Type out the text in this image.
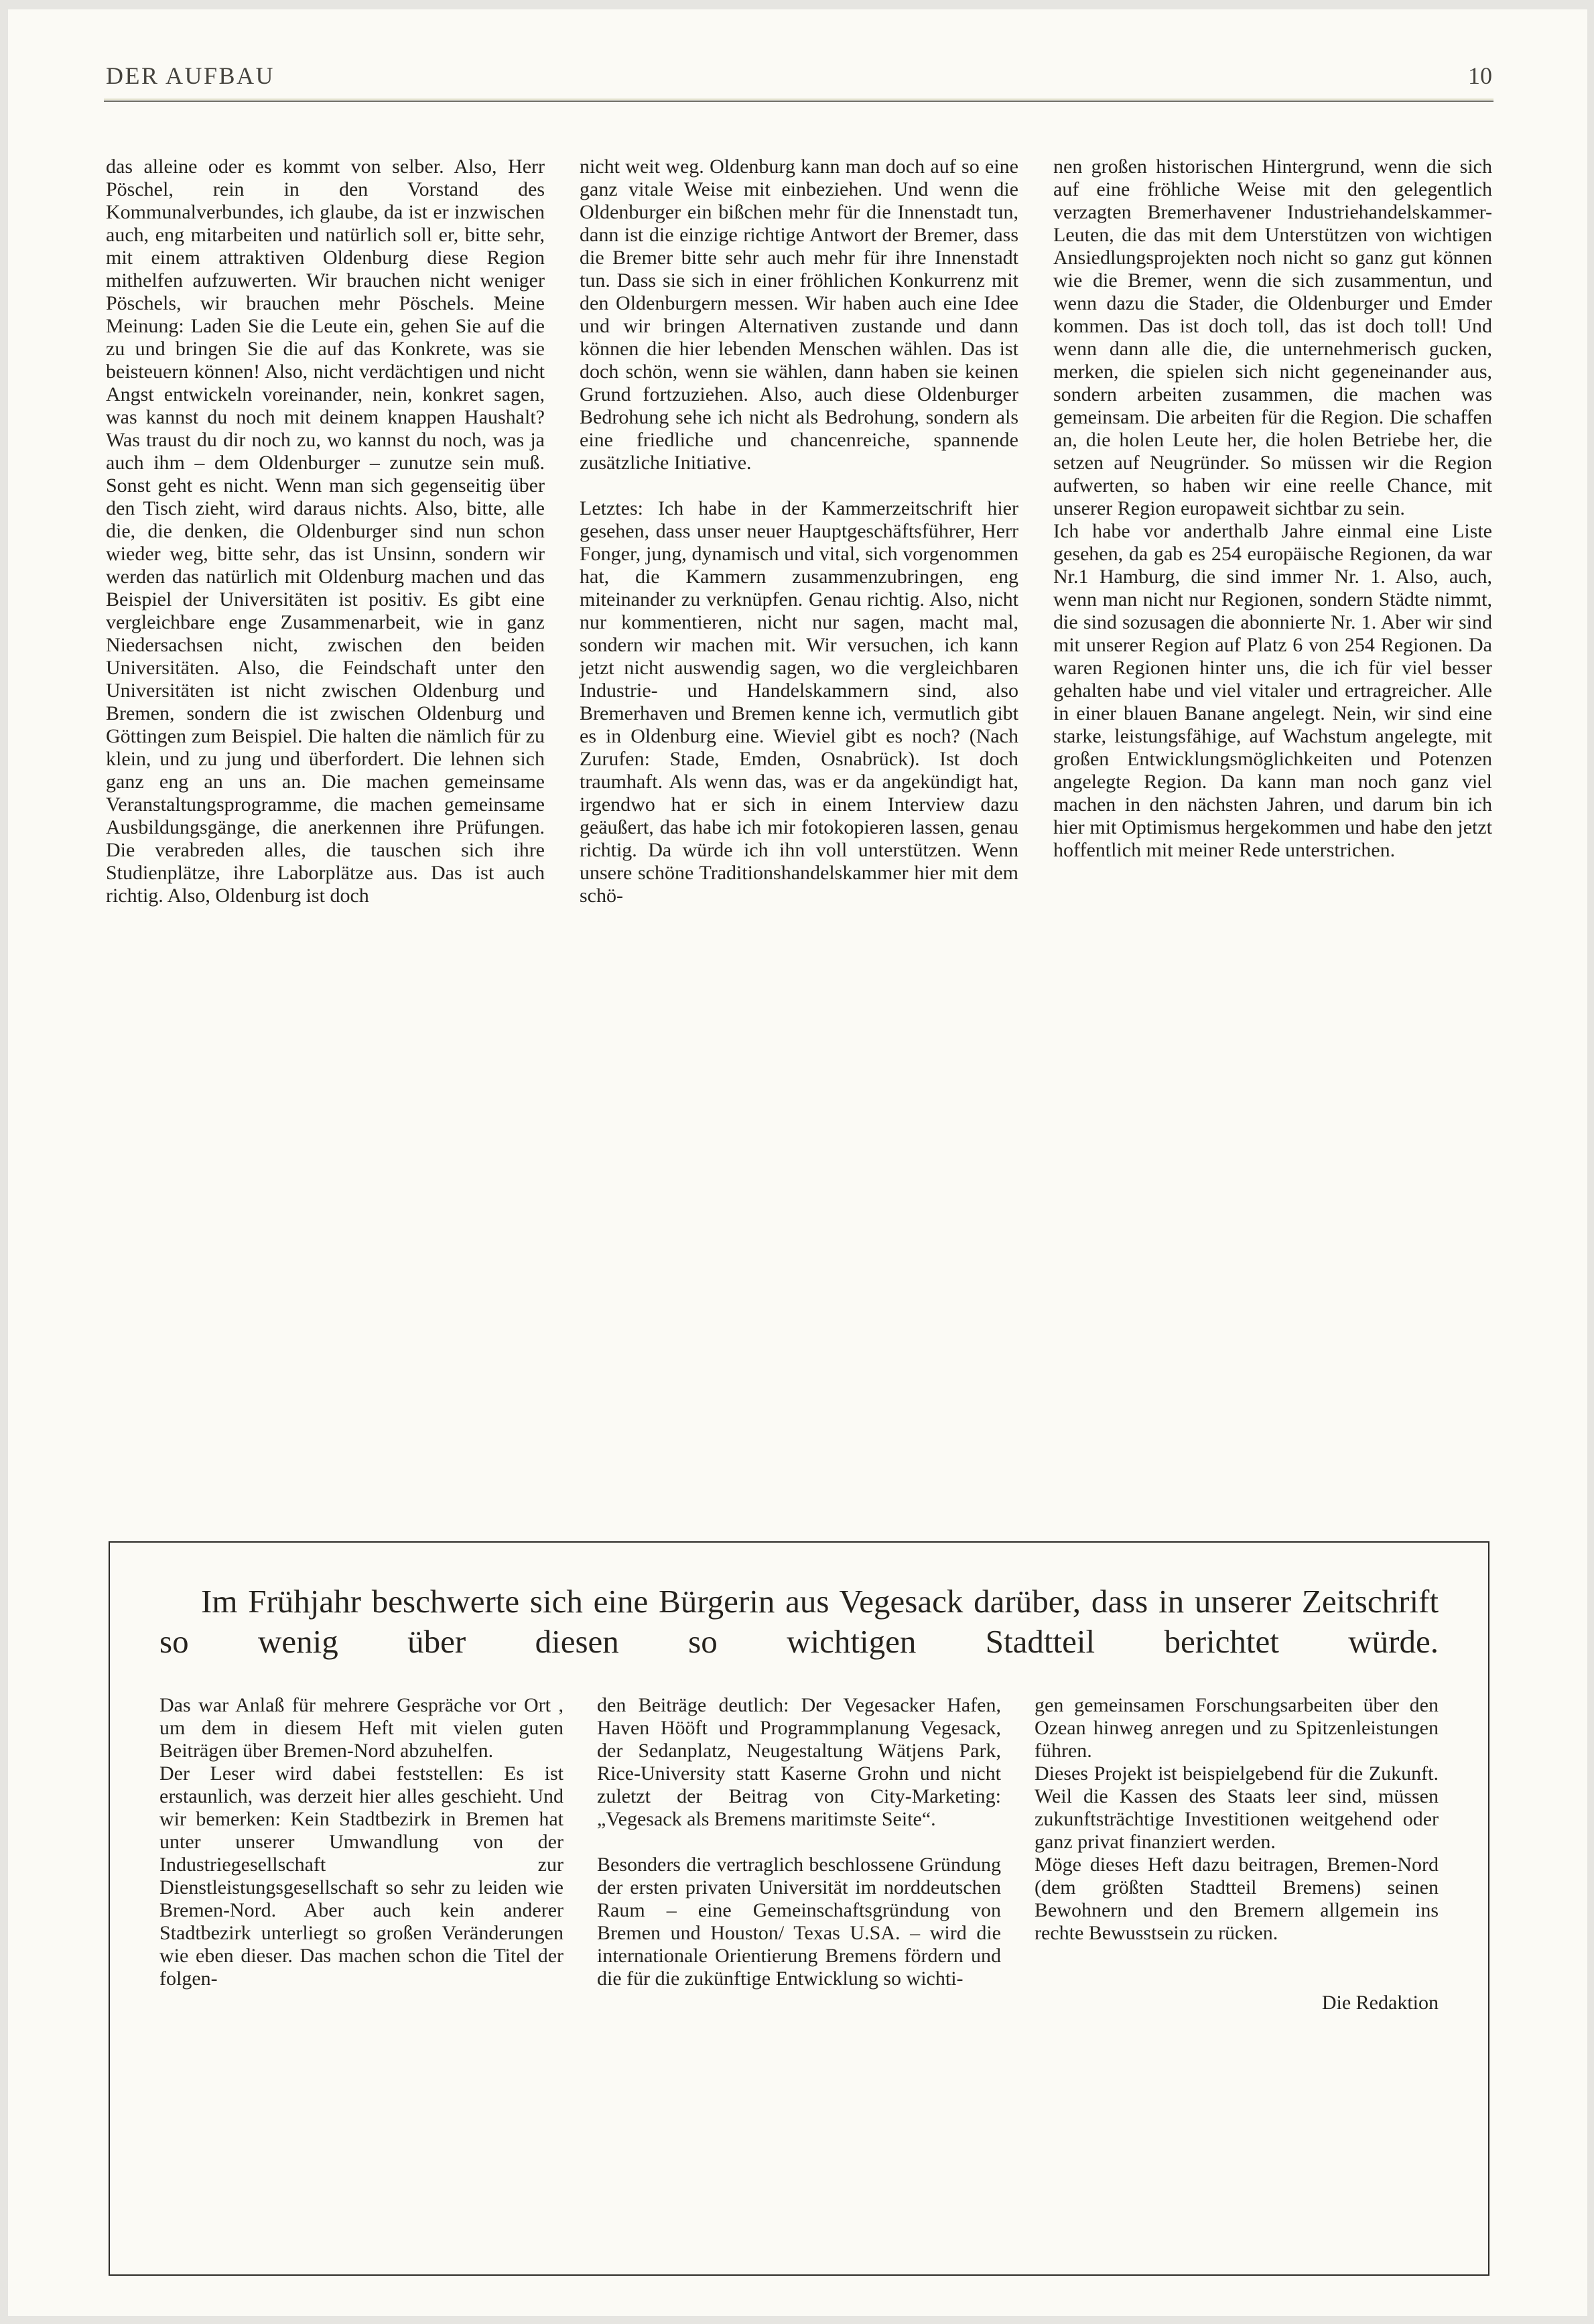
DER AUFBAU	10

das alleine oder es kommt von selber. Also, Herr Pöschel, rein in den Vorstand des Kommunalverbundes, ich glaube, da ist er inzwischen auch, eng mitarbeiten und natürlich soll er, bitte sehr, mit einem attraktiven Oldenburg diese Region mithelfen aufzuwerten. Wir brauchen nicht weniger Pöschels, wir brauchen mehr Pöschels. Meine Meinung: Laden Sie die Leute ein, gehen Sie auf die zu und bringen Sie die auf das Konkrete, was sie beisteuern können! Also, nicht verdächtigen und nicht Angst entwickeln voreinander, nein, konkret sagen, was kannst du noch mit deinem knappen Haushalt? Was traust du dir noch zu, wo kannst du noch, was ja auch ihm – dem Oldenburger – zunutze sein muß. Sonst geht es nicht. Wenn man sich gegenseitig über den Tisch zieht, wird daraus nichts. Also, bitte, alle die, die denken, die Oldenburger sind nun schon wieder weg, bitte sehr, das ist Unsinn, sondern wir werden das natürlich mit Oldenburg machen und das Beispiel der Universitäten ist positiv. Es gibt eine vergleichbare enge Zusammenarbeit, wie in ganz Niedersachsen nicht, zwischen den beiden Universitäten. Also, die Feindschaft unter den Universitäten ist nicht zwischen Oldenburg und Bremen, sondern die ist zwischen Oldenburg und Göttingen zum Beispiel. Die halten die nämlich für zu klein, und zu jung und überfordert. Die lehnen sich ganz eng an uns an. Die machen gemeinsame Veranstaltungsprogramme, die machen gemeinsame Ausbildungsgänge, die anerkennen ihre Prüfungen. Die verabreden alles, die tauschen sich ihre Studienplätze, ihre Laborplätze aus. Das ist auch richtig. Also, Oldenburg ist doch

nicht weit weg. Oldenburg kann man doch auf so eine ganz vitale Weise mit einbeziehen. Und wenn die Oldenburger ein bißchen mehr für die Innenstadt tun, dann ist die einzige richtige Antwort der Bremer, dass die Bremer bitte sehr auch mehr für ihre Innenstadt tun. Dass sie sich in einer fröhlichen Konkurrenz mit den Oldenburgern messen. Wir haben auch eine Idee und wir bringen Alternativen zustande und dann können die hier lebenden Menschen wählen. Das ist doch schön, wenn sie wählen, dann haben sie keinen Grund fortzuziehen. Also, auch diese Oldenburger Bedrohung sehe ich nicht als Bedrohung, sondern als eine friedliche und chancenreiche, spannende zusätzliche Initiative.

Letztes: Ich habe in der Kammerzeitschrift hier gesehen, dass unser neuer Hauptgeschäftsführer, Herr Fonger, jung, dynamisch und vital, sich vorgenommen hat, die Kammern zusammenzubringen, eng miteinander zu verknüpfen. Genau richtig. Also, nicht nur kommentieren, nicht nur sagen, macht mal, sondern wir machen mit. Wir versuchen, ich kann jetzt nicht auswendig sagen, wo die vergleichbaren Industrie- und Handelskammern sind, also Bremerhaven und Bremen kenne ich, vermutlich gibt es in Oldenburg eine. Wieviel gibt es noch? (Nach Zurufen: Stade, Emden, Osnabrück). Ist doch traumhaft. Als wenn das, was er da angekündigt hat, irgendwo hat er sich in einem Interview dazu geäußert, das habe ich mir fotokopieren lassen, genau richtig. Da würde ich ihn voll unterstützen. Wenn unsere schöne Traditionshandelskammer hier mit dem schö-

nen großen historischen Hintergrund, wenn die sich auf eine fröhliche Weise mit den gelegentlich verzagten Bremerhavener Industriehandelskammer-Leuten, die das mit dem Unterstützen von wichtigen Ansiedlungsprojekten noch nicht so ganz gut können wie die Bremer, wenn die sich zusammentun, und wenn dazu die Stader, die Oldenburger und Emder kommen. Das ist doch toll, das ist doch toll! Und wenn dann alle die, die unternehmerisch gucken, merken, die spielen sich nicht gegeneinander aus, sondern arbeiten zusammen, die machen was gemeinsam. Die arbeiten für die Region. Die schaffen an, die holen Leute her, die holen Betriebe her, die setzen auf Neugründer. So müssen wir die Region aufwerten, so haben wir eine reelle Chance, mit unserer Region europaweit sichtbar zu sein.

Ich habe vor anderthalb Jahre einmal eine Liste gesehen, da gab es 254 europäische Regionen, da war Nr.1 Hamburg, die sind immer Nr. 1. Also, auch, wenn man nicht nur Regionen, sondern Städte nimmt, die sind sozusagen die abonnierte Nr. 1. Aber wir sind mit unserer Region auf Platz 6 von 254 Regionen. Da waren Regionen hinter uns, die ich für viel besser gehalten habe und viel vitaler und ertragreicher. Alle in einer blauen Banane angelegt. Nein, wir sind eine starke, leistungsfähige, auf Wachstum angelegte, mit großen Entwicklungsmöglichkeiten und Potenzen angelegte Region. Da kann man noch ganz viel machen in den nächsten Jahren, und darum bin ich hier mit Optimismus hergekommen und habe den jetzt hoffentlich mit meiner Rede unterstrichen.

Im Frühjahr beschwerte sich eine Bürgerin aus Vegesack darüber, dass in unserer Zeitschrift so wenig über diesen so wichtigen Stadtteil berichtet würde.

Das war Anlaß für mehrere Gespräche vor Ort , um dem in diesem Heft mit vielen guten Beiträgen über Bremen-Nord abzuhelfen.

Der Leser wird dabei feststellen: Es ist erstaunlich, was derzeit hier alles geschieht. Und wir bemerken: Kein Stadtbezirk in Bremen hat unter unserer Umwandlung von der Industriegesellschaft zur Dienstleistungsgesellschaft so sehr zu leiden wie Bremen-Nord. Aber auch kein anderer Stadtbezirk unterliegt so großen Veränderungen wie eben dieser. Das machen schon die Titel der folgen-

den Beiträge deutlich: Der Vegesacker Hafen, Haven Hööft und Programmplanung Vegesack, der Sedanplatz, Neugestaltung Wätjens Park, Rice-University statt Kaserne Grohn und nicht zuletzt der Beitrag von City-Marketing: „Vegesack als Bremens maritimste Seite“.

Besonders die vertraglich beschlossene Gründung der ersten privaten Universität im norddeutschen Raum – eine Gemeinschaftsgründung von Bremen und Houston/ Texas U.SA. – wird die internationale Orientierung Bremens fördern und die für die zukünftige Entwicklung so wichti-

gen gemeinsamen Forschungsarbeiten über den Ozean hinweg anregen und zu Spitzenleistungen führen.

Dieses Projekt ist beispielgebend für die Zukunft. Weil die Kassen des Staats leer sind, müssen zukunftsträchtige Investitionen weitgehend oder ganz privat finanziert werden.

Möge dieses Heft dazu beitragen, Bremen-Nord (dem größten Stadtteil Bremens) seinen Bewohnern und den Bremern allgemein ins rechte Bewusstsein zu rücken.

Die Redaktion
